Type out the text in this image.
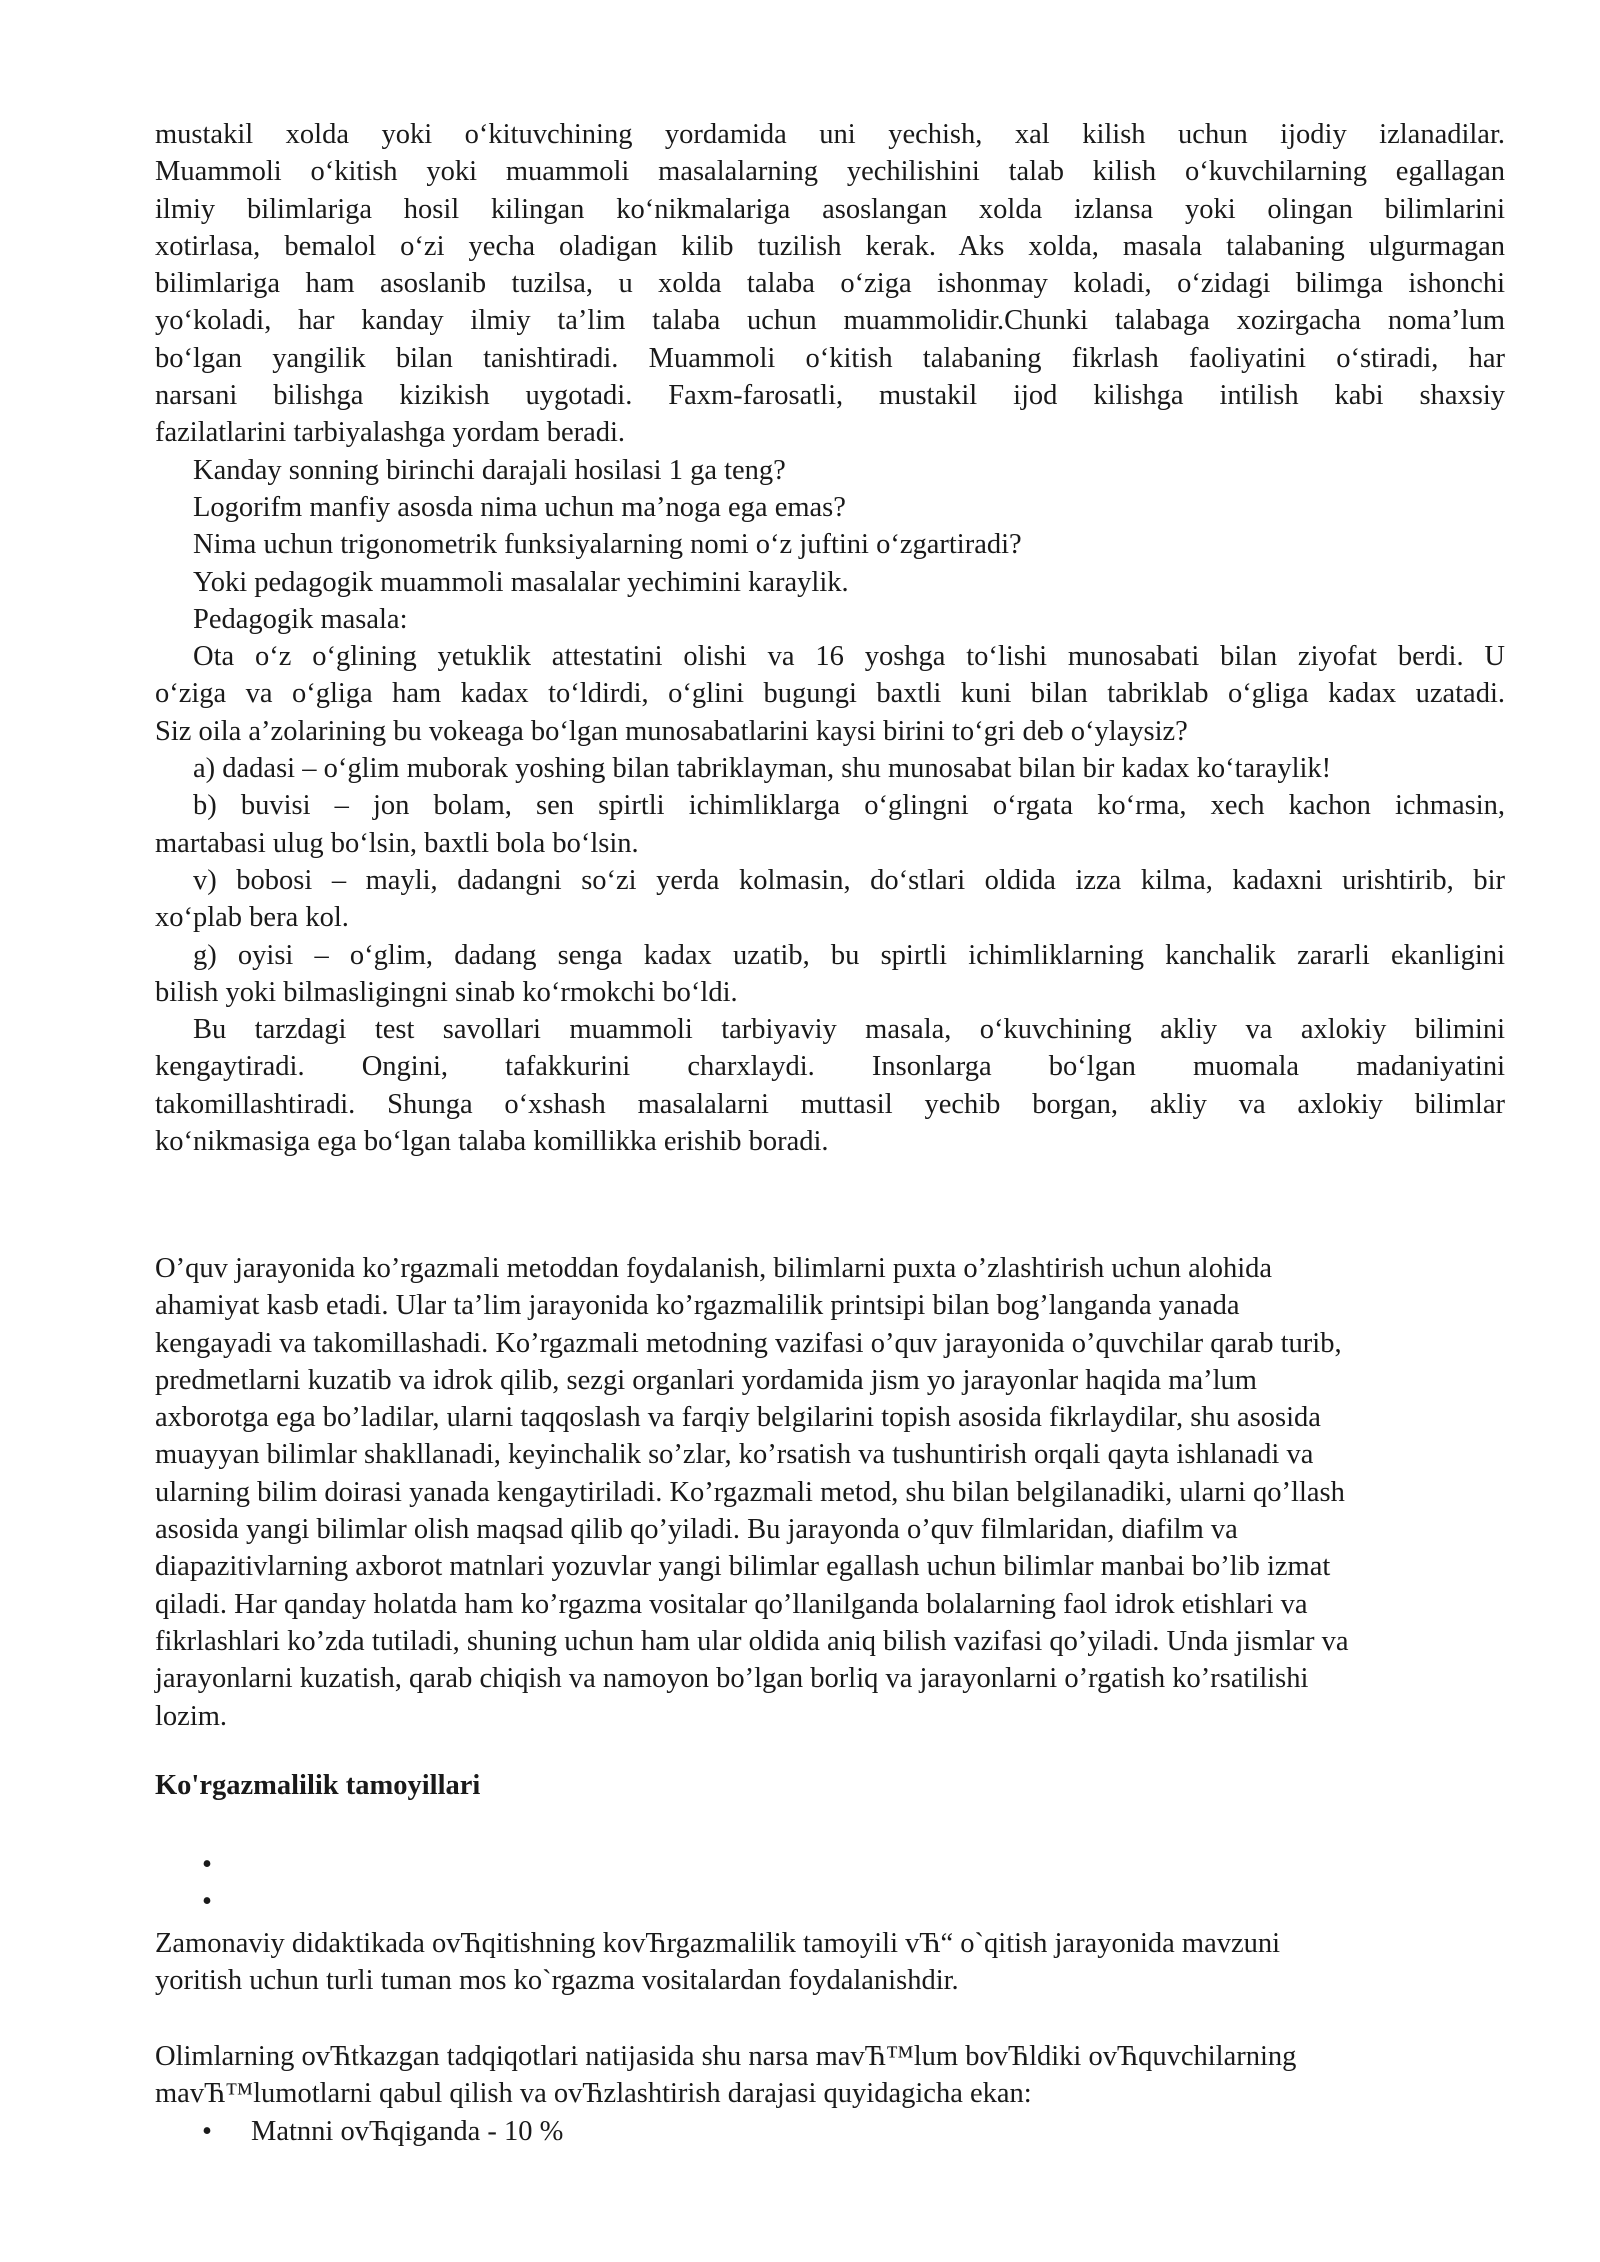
mustakil xolda yoki o‘kituvchining yordamida uni yechish, xal kilish uchun ijodiy izlanadilar.

Muammoli o‘kitish yoki muammoli masalalarning yechilishini talab kilish o‘kuvchilarning egallagan

ilmiy bilimlariga hosil kilingan ko‘nikmalariga asoslangan xolda izlansa yoki olingan bilimlarini

xotirlasa, bemalol o‘zi yecha oladigan kilib tuzilish kerak. Aks xolda, masala talabaning ulgurmagan

bilimlariga ham asoslanib tuzilsa, u xolda talaba o‘ziga ishonmay koladi, o‘zidagi bilimga ishonchi

yo‘koladi, har kanday ilmiy ta’lim talaba uchun muammolidir.Chunki talabaga xozirgacha noma’lum

bo‘lgan yangilik bilan tanishtiradi. Muammoli o‘kitish talabaning fikrlash faoliyatini o‘stiradi, har

narsani bilishga kizikish uygotadi. Faxm-farosatli, mustakil ijod kilishga intilish kabi shaxsiy

fazilatlarini tarbiyalashga yordam beradi.

Kanday sonning birinchi darajali hosilasi 1 ga teng?

Logorifm manfiy asosda nima uchun ma’noga ega emas?

Nima uchun trigonometrik funksiyalarning nomi o‘z juftini o‘zgartiradi?

Yoki pedagogik muammoli masalalar yechimini karaylik.

Pedagogik masala:

Ota o‘z o‘glining yetuklik attestatini olishi va 16 yoshga to‘lishi munosabati bilan ziyofat berdi. U

o‘ziga va o‘gliga ham kadax to‘ldirdi, o‘glini bugungi baxtli kuni bilan tabriklab o‘gliga kadax uzatadi.

Siz oila a’zolarining bu vokeaga bo‘lgan munosabatlarini kaysi birini to‘gri deb o‘ylaysiz?

a) dadasi – o‘glim muborak yoshing bilan tabriklayman, shu munosabat bilan bir kadax ko‘taraylik!

b) buvisi – jon bolam, sen spirtli ichimliklarga o‘glingni o‘rgata ko‘rma, xech kachon ichmasin,

martabasi ulug bo‘lsin, baxtli bola bo‘lsin.

v) bobosi – mayli, dadangni so‘zi yerda kolmasin, do‘stlari oldida izza kilma, kadaxni urishtirib, bir

xo‘plab bera kol.

g) oyisi – o‘glim, dadang senga kadax uzatib, bu spirtli ichimliklarning kanchalik zararli ekanligini

bilish yoki bilmasligingni sinab ko‘rmokchi bo‘ldi.

Bu tarzdagi test savollari muammoli tarbiyaviy masala, o‘kuvchining akliy va axlokiy bilimini

kengaytiradi. Ongini, tafakkurini charxlaydi. Insonlarga bo‘lgan muomala madaniyatini

takomillashtiradi. Shunga o‘xshash masalalarni muttasil yechib borgan, akliy va axlokiy bilimlar

ko‘nikmasiga ega bo‘lgan talaba komillikka erishib boradi.

O’quv jarayonida ko’rgazmali metoddan foydalanish, bilimlarni puxta o’zlashtirish uchun alohida

ahamiyat kasb etadi. Ular ta’lim jarayonida ko’rgazmalilik printsipi bilan bog’langanda yanada

kengayadi va takomillashadi. Ko’rgazmali metodning vazifasi o’quv jarayonida o’quvchilar qarab turib,

predmetlarni kuzatib va idrok qilib, sezgi organlari yordamida jism yo jarayonlar haqida ma’lum

axborotga ega bo’ladilar, ularni taqqoslash va farqiy belgilarini topish asosida fikrlaydilar, shu asosida

muayyan bilimlar shakllanadi, keyinchalik so’zlar, ko’rsatish va tushuntirish orqali qayta ishlanadi va

ularning bilim doirasi yanada kengaytiriladi. Ko’rgazmali metod, shu bilan belgilanadiki, ularni qo’llash

asosida yangi bilimlar olish maqsad qilib qo’yiladi. Bu jarayonda o’quv filmlaridan, diafilm va

diapazitivlarning axborot matnlari yozuvlar yangi bilimlar egallash uchun bilimlar manbai bo’lib izmat

qiladi. Har qanday holatda ham ko’rgazma vositalar qo’llanilganda bolalarning faol idrok etishlari va

fikrlashlari ko’zda tutiladi, shuning uchun ham ular oldida aniq bilish vazifasi qo’yiladi. Unda jismlar va

jarayonlarni kuzatish, qarab chiqish va namoyon bo’lgan borliq va jarayonlarni o’rgatish ko’rsatilishi

lozim.

Ko'rgazmalilik tamoyillari

•
•

Zamonaviy didaktikada ovЋqitishning kovЋrgazmalilik tamoyili vЋ“ o`qitish jarayonida mavzuni

yoritish uchun turli tuman mos ko`rgazma vositalardan foydalanishdir.

Olimlarning ovЋtkazgan tadqiqotlari natijasida shu narsa mavЋ™lum bovЋldiki ovЋquvchilarning

mavЋ™lumotlarni qabul qilish va ovЋzlashtirish darajasi quyidagicha ekan:

• Matnni ovЋqiganda - 10 %
